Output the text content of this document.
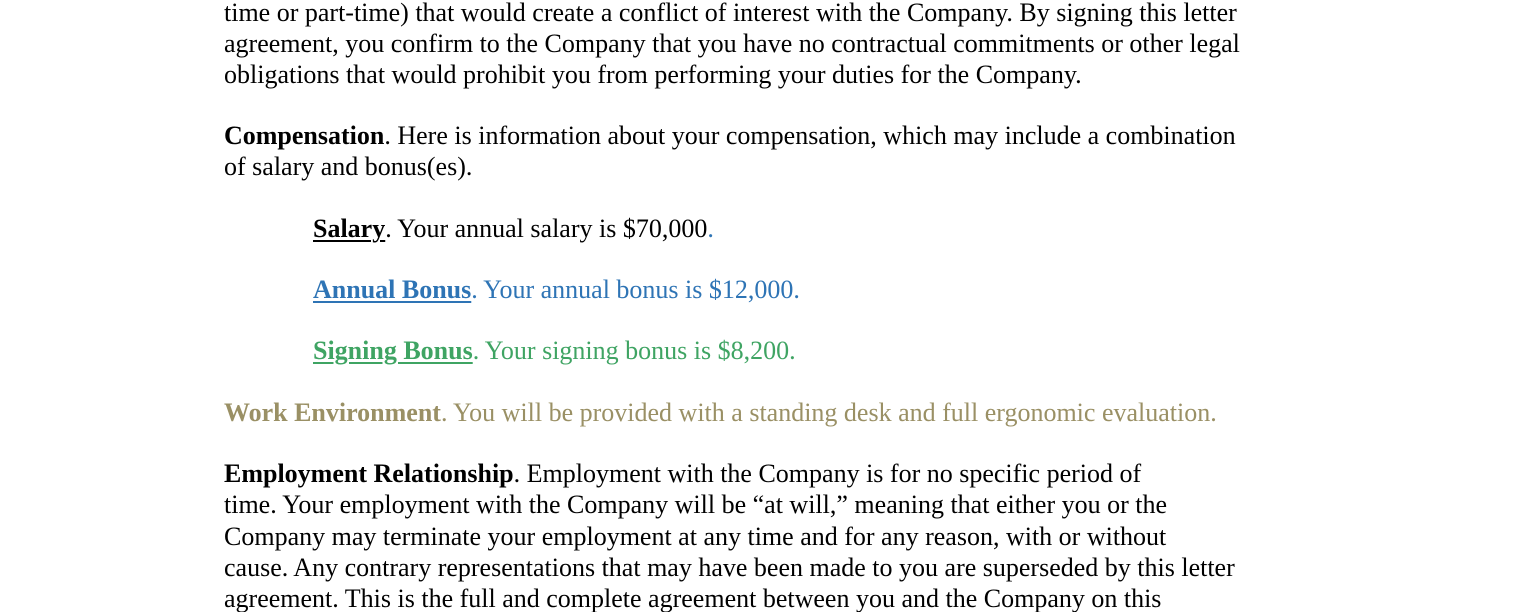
time or part-time) that would create a conflict of interest with the Company. By signing this letter
agreement, you confirm to the Company that you have no contractual commitments or other legal
obligations that would prohibit you from performing your duties for the Company.
Compensation. Here is information about your compensation, which may include a combination
of salary and bonus(es).
Salary. Your annual salary is $70,000.
Annual Bonus. Your annual bonus is $12,000.
Signing Bonus. Your signing bonus is $8,200.
Work Environment. You will be provided with a standing desk and full ergonomic evaluation.
Employment Relationship. Employment with the Company is for no specific period of
time. Your employment with the Company will be “at will,” meaning that either you or the
Company may terminate your employment at any time and for any reason, with or without
cause. Any contrary representations that may have been made to you are superseded by this letter
agreement. This is the full and complete agreement between you and the Company on this
